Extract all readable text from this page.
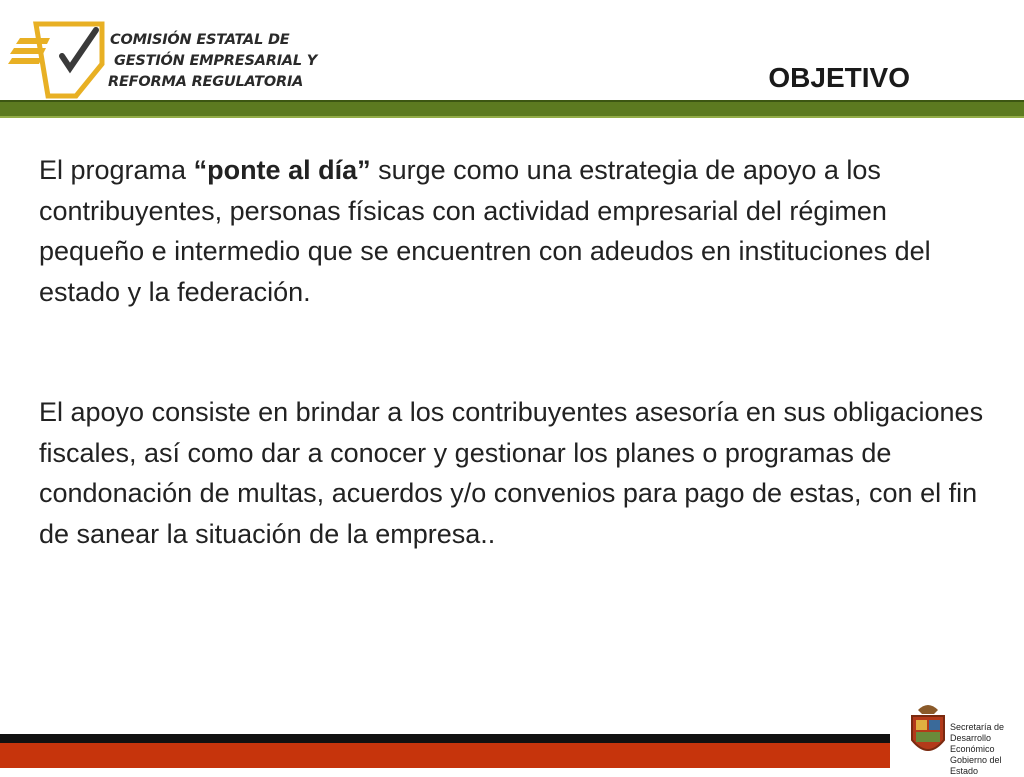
COMISIÓN ESTATAL DE
GESTIÓN EMPRESARIAL Y
REFORMA REGULATORIA	OBJETIVO

El programa “ponte al día” surge como una estrategia de apoyo a los contribuyentes, personas físicas con actividad empresarial del régimen pequeño e intermedio que se encuentren con adeudos en instituciones del estado y la federación.

El apoyo consiste en brindar a los contribuyentes asesoría en sus obligaciones fiscales, así como dar a conocer y gestionar los planes o programas de condonación de multas, acuerdos y/o convenios para pago de estas, con el fin de sanear la situación de la empresa..

Secretaría de
Desarrollo Económico
Gobierno del Estado
